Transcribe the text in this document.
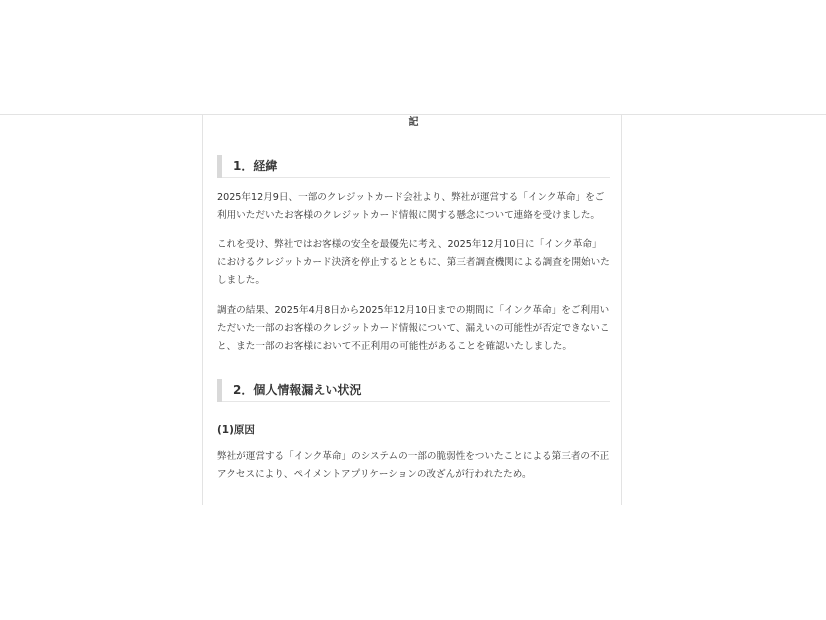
記
1．経緯

2025年12月9日、一部のクレジットカード会社より、弊社が運営する「インク革命」をご利用いただいたお客様のクレジットカード情報に関する懸念について連絡を受けました。

これを受け、弊社ではお客様の安全を最優先に考え、2025年12月10日に「インク革命」におけるクレジットカード決済を停止するとともに、第三者調査機関による調査を開始いたしました。

調査の結果、2025年4月8日から2025年12月10日までの期間に「インク革命」をご利用いただいた一部のお客様のクレジットカード情報について、漏えいの可能性が否定できないこと、また一部のお客様において不正利用の可能性があることを確認いたしました。

2．個人情報漏えい状況
(1)原因

弊社が運営する「インク革命」のシステムの一部の脆弱性をついたことによる第三者の不正アクセスにより、ペイメントアプリケーションの改ざんが行われたため。
